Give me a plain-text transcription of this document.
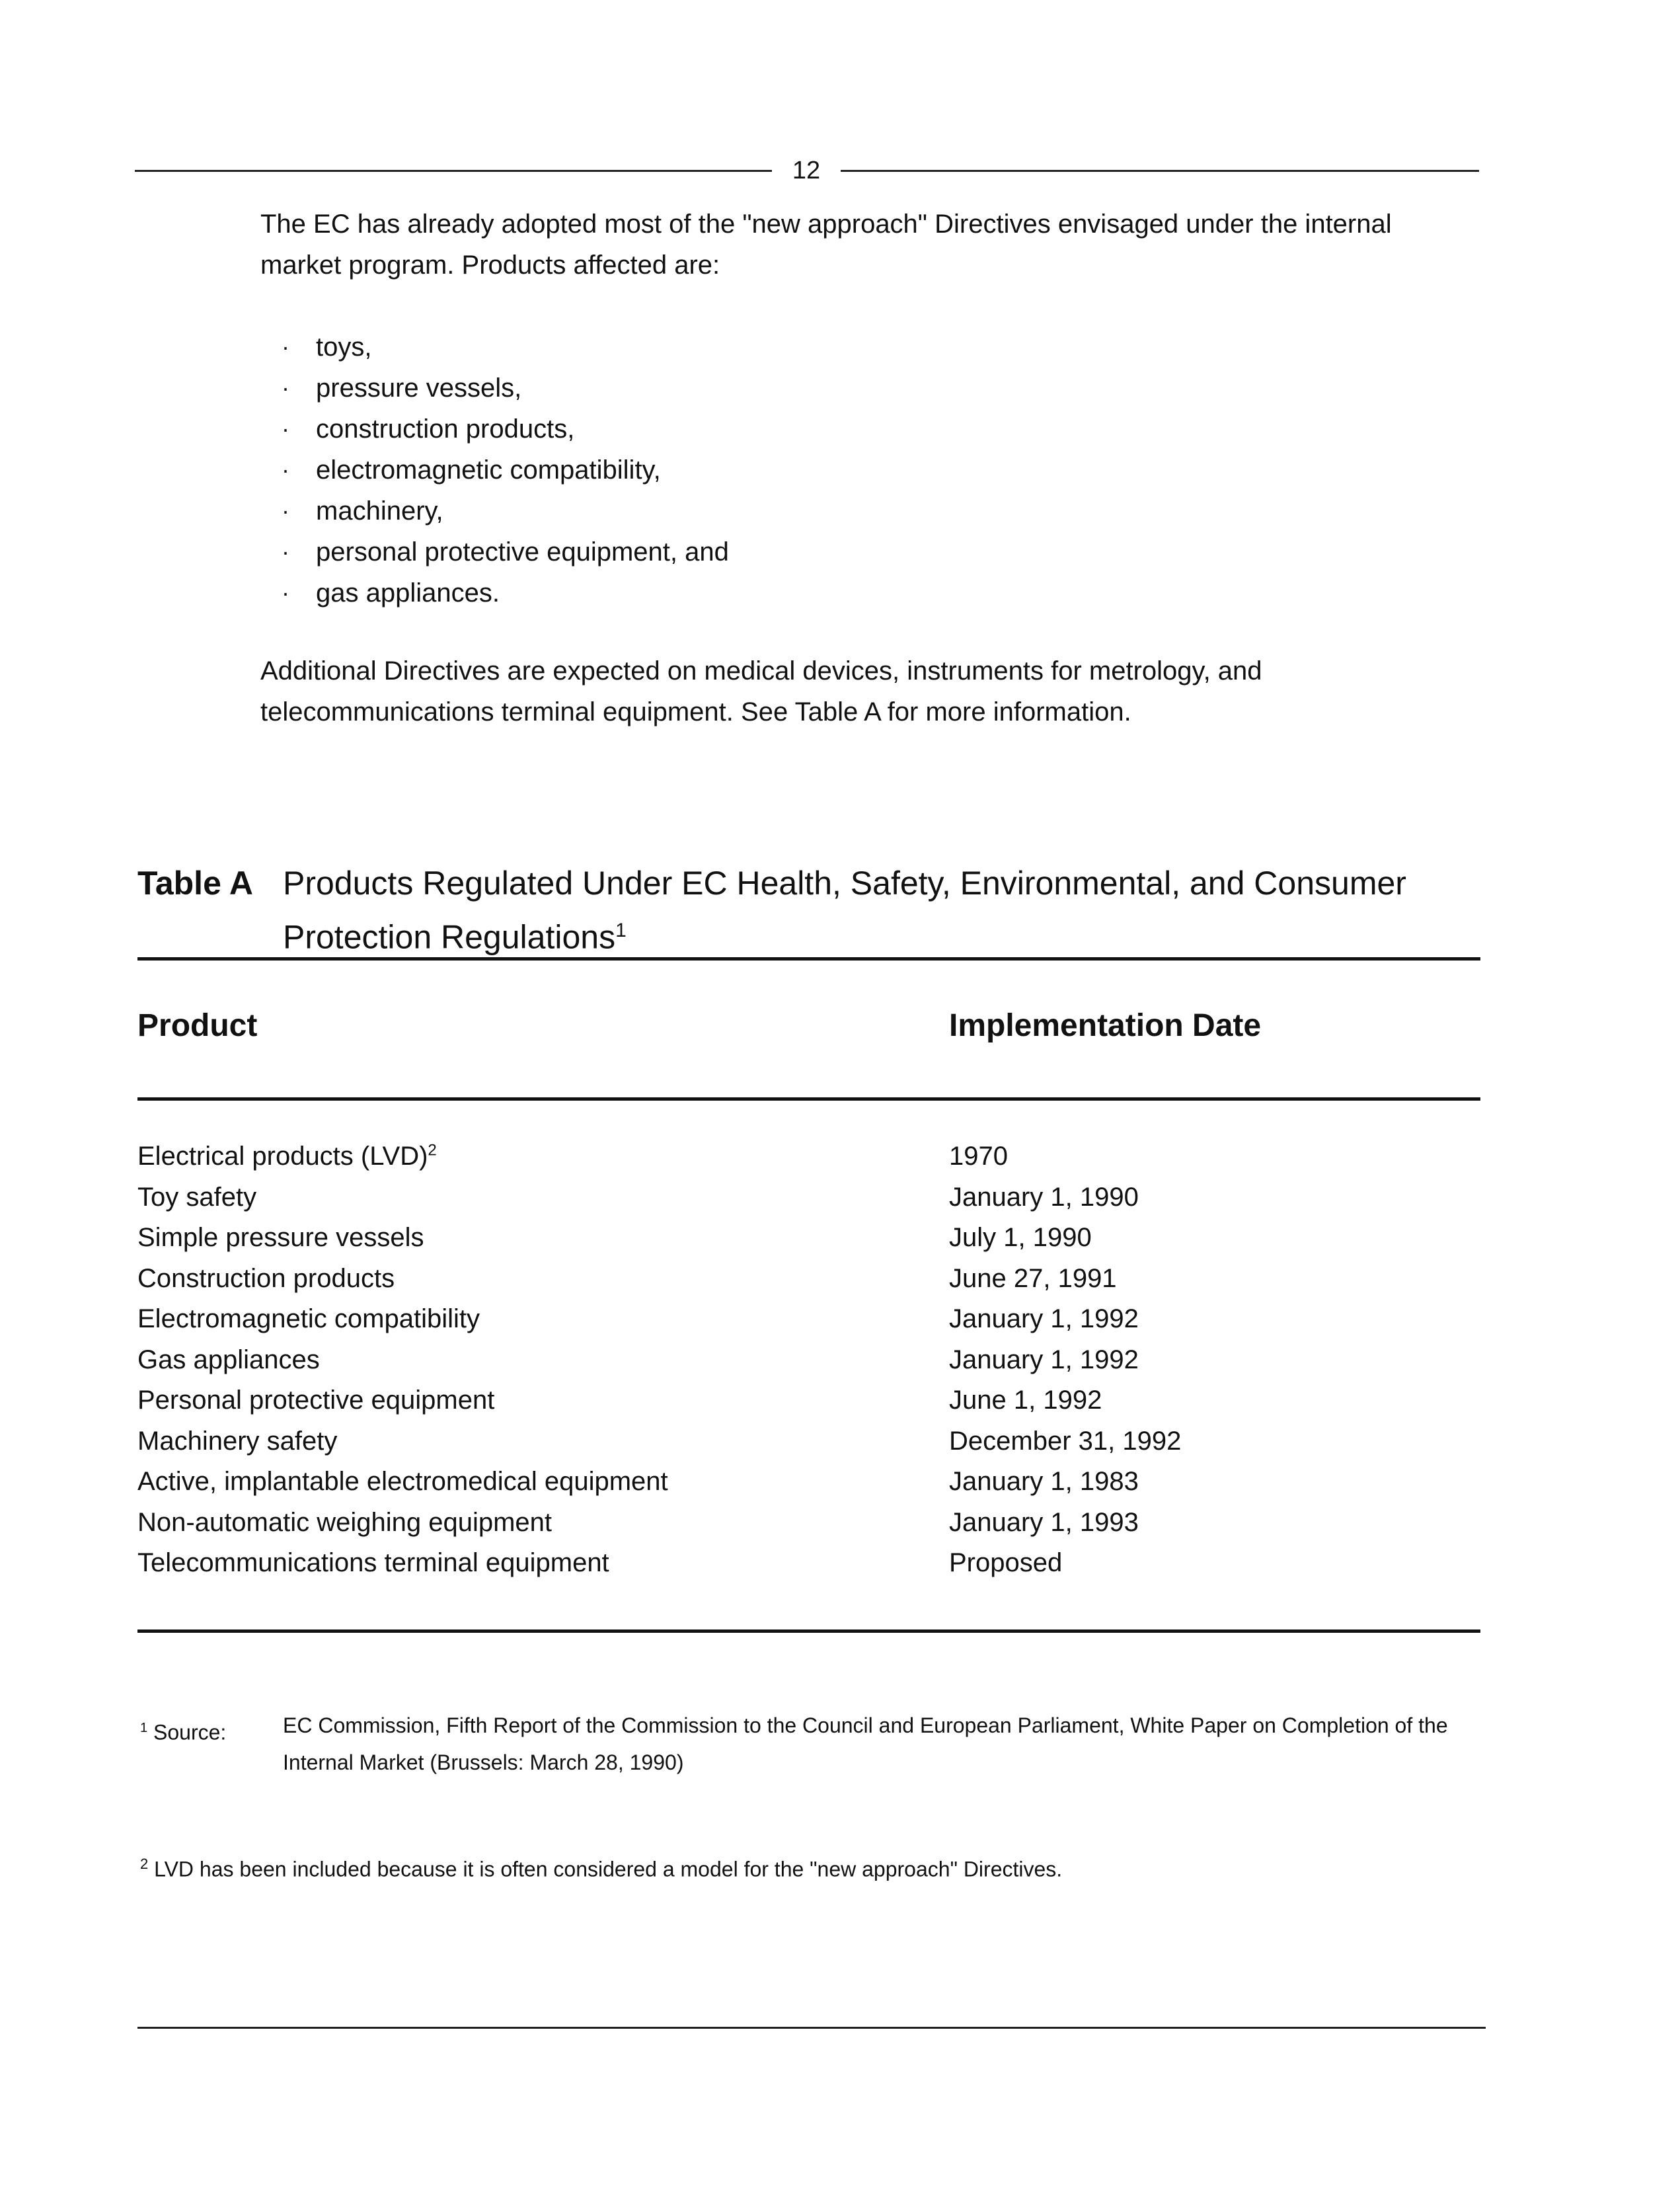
12

The EC has already adopted most of the "new approach" Directives envisaged under the internal market program. Products affected are:

· toys,
· pressure vessels,
· construction products,
· electromagnetic compatibility,
· machinery,
· personal protective equipment, and
· gas appliances.

Additional Directives are expected on medical devices, instruments for metrology, and telecommunications terminal equipment. See Table A for more information.

Table A Products Regulated Under EC Health, Safety, Environmental, and Consumer Protection Regulations$^1$
Product	Implementation Date
Electrical products (LVD)$^2$	1970
Toy safety	January 1, 1990
Simple pressure vessels	July 1, 1990
Construction products	June 27, 1991
Electromagnetic compatibility	January 1, 1992
Gas appliances	January 1, 1992
Personal protective equipment	June 1, 1992
Machinery safety	December 31, 1992
Active, implantable electromedical equipment	January 1, 1983
Non-automatic weighing equipment	January 1, 1993
Telecommunications terminal equipment	Proposed
$^1$ Source:	EC Commission, Fifth Report of the Commission to the Council and European Parliament, White Paper on Completion of the Internal Market (Brussels: March 28, 1990)
$^2$ LVD has been included because it is often considered a model for the "new approach" Directives.
